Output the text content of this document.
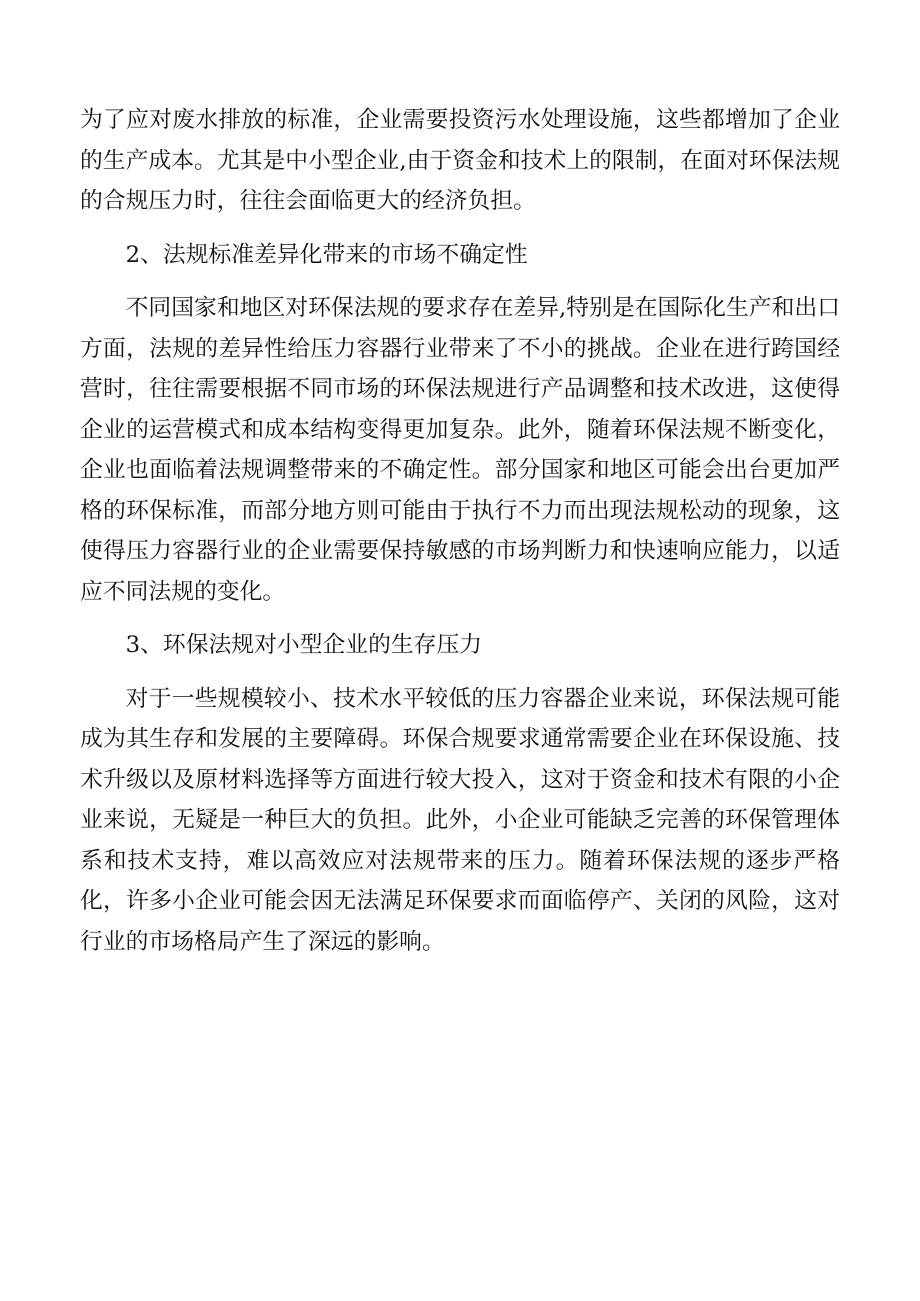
为了应对废水排放的标准，企业需要投资污水处理设施，这些都增加了企业的生产成本。尤其是中小型企业,由于资金和技术上的限制，在面对环保法规的合规压力时，往往会面临更大的经济负担。

2、法规标准差异化带来的市场不确定性

不同国家和地区对环保法规的要求存在差异,特别是在国际化生产和出口方面，法规的差异性给压力容器行业带来了不小的挑战。企业在进行跨国经营时，往往需要根据不同市场的环保法规进行产品调整和技术改进，这使得企业的运营模式和成本结构变得更加复杂。此外，随着环保法规不断变化，企业也面临着法规调整带来的不确定性。部分国家和地区可能会出台更加严格的环保标准，而部分地方则可能由于执行不力而出现法规松动的现象，这使得压力容器行业的企业需要保持敏感的市场判断力和快速响应能力，以适应不同法规的变化。

3、环保法规对小型企业的生存压力

对于一些规模较小、技术水平较低的压力容器企业来说，环保法规可能成为其生存和发展的主要障碍。环保合规要求通常需要企业在环保设施、技术升级以及原材料选择等方面进行较大投入，这对于资金和技术有限的小企业来说，无疑是一种巨大的负担。此外，小企业可能缺乏完善的环保管理体系和技术支持，难以高效应对法规带来的压力。随着环保法规的逐步严格化，许多小企业可能会因无法满足环保要求而面临停产、关闭的风险，这对行业的市场格局产生了深远的影响。
